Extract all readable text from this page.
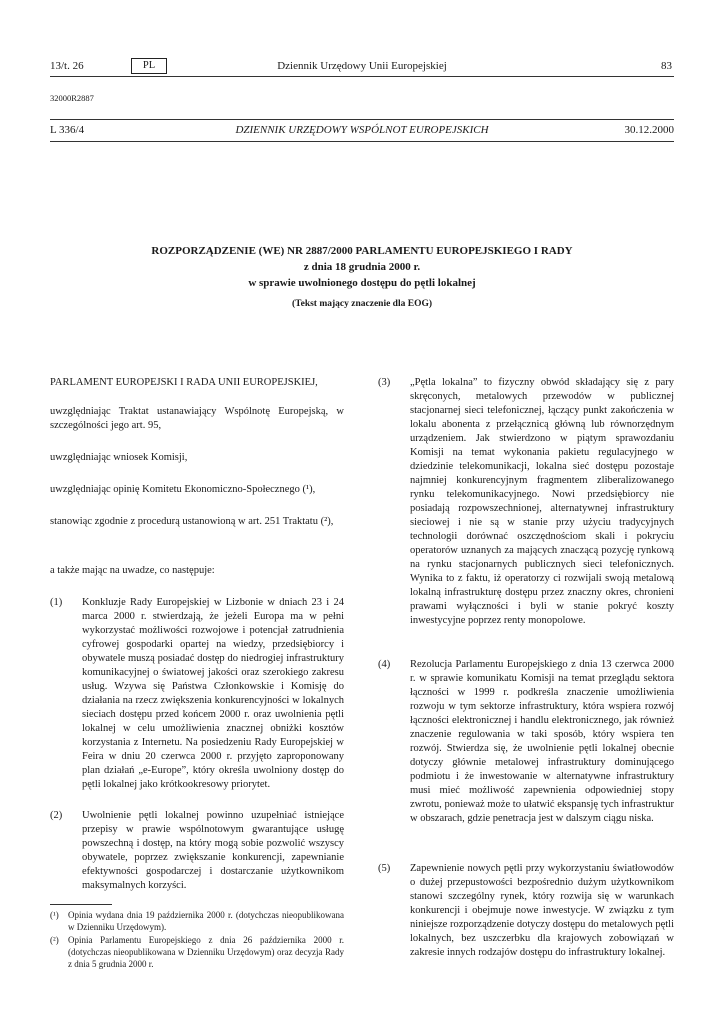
13/t. 26	PL	Dziennik Urzędowy Unii Europejskiej	83
32000R2887
L 336/4	DZIENNIK URZĘDOWY WSPÓLNOT EUROPEJSKICH	30.12.2000
ROZPORZĄDZENIE (WE) NR 2887/2000 PARLAMENTU EUROPEJSKIEGO I RADY
z dnia 18 grudnia 2000 r.
w sprawie uwolnionego dostępu do pętli lokalnej
(Tekst mający znaczenie dla EOG)

PARLAMENT EUROPEJSKI I RADA UNII EUROPEJSKIEJ,

uwzględniając Traktat ustanawiający Wspólnotę Europejską, w szczególności jego art. 95,

uwzględniając wniosek Komisji,

uwzględniając opinię Komitetu Ekonomiczno-Społecznego (¹),

stanowiąc zgodnie z procedurą ustanowioną w art. 251 Traktatu (²),

a także mając na uwadze, co następuje:

(1) Konkluzje Rady Europejskiej w Lizbonie w dniach 23 i 24 marca 2000 r. stwierdzają, że jeżeli Europa ma w pełni wykorzystać możliwości rozwojowe i potencjał zatrudnienia cyfrowej gospodarki opartej na wiedzy, przedsiębiorcy i obywatele muszą posiadać dostęp do niedrogiej infrastruktury komunikacyjnej o światowej jakości oraz szerokiego zakresu usług. Wzywa się Państwa Członkowskie i Komisję do działania na rzecz zwiększenia konkurencyjności w lokalnych sieciach dostępu przed końcem 2000 r. oraz uwolnienia pętli lokalnej w celu umożliwienia znacznej obniżki kosztów korzystania z Internetu. Na posiedzeniu Rady Europejskiej w Feira w dniu 20 czerwca 2000 r. przyjęto zaproponowany plan działań „e-Europe”, który określa uwolniony dostęp do pętli lokalnej jako krótkookresowy priorytet.

(2) Uwolnienie pętli lokalnej powinno uzupełniać istniejące przepisy w prawie wspólnotowym gwarantujące usługę powszechną i dostęp, na który mogą sobie pozwolić wszyscy obywatele, poprzez zwiększanie konkurencji, zapewnianie efektywności gospodarczej i dostarczanie użytkownikom maksymalnych korzyści.

(¹) Opinia wydana dnia 19 października 2000 r. (dotychczas nieopublikowana w Dzienniku Urzędowym).
(²) Opinia Parlamentu Europejskiego z dnia 26 października 2000 r. (dotychczas nieopublikowana w Dzienniku Urzędowym) oraz decyzja Rady z dnia 5 grudnia 2000 r.
(3) „Pętla lokalna” to fizyczny obwód składający się z pary skręconych, metalowych przewodów w publicznej stacjonarnej sieci telefonicznej, łączący punkt zakończenia w lokalu abonenta z przełącznicą główną lub równorzędnym urządzeniem. Jak stwierdzono w piątym sprawozdaniu Komisji na temat wykonania pakietu regulacyjnego w dziedzinie telekomunikacji, lokalna sieć dostępu pozostaje najmniej konkurencyjnym fragmentem zliberalizowanego rynku telekomunikacyjnego. Nowi przedsiębiorcy nie posiadają rozpowszechnionej, alternatywnej infrastruktury sieciowej i nie są w stanie przy użyciu tradycyjnych technologii dorównać oszczędnościom skali i pokryciu operatorów uznanych za mających znaczącą pozycję rynkową na rynku stacjonarnych publicznych sieci telefonicznych. Wynika to z faktu, iż operatorzy ci rozwijali swoją metalową lokalną infrastrukturę dostępu przez znaczny okres, chronieni prawami wyłączności i byli w stanie pokryć koszty inwestycyjne poprzez renty monopolowe.

(4) Rezolucja Parlamentu Europejskiego z dnia 13 czerwca 2000 r. w sprawie komunikatu Komisji na temat przeglądu sektora łączności w 1999 r. podkreśla znaczenie umożliwienia rozwoju w tym sektorze infrastruktury, która wspiera rozwój łączności elektronicznej i handlu elektronicznego, jak również znaczenie regulowania w taki sposób, który wspiera ten rozwój. Stwierdza się, że uwolnienie pętli lokalnej obecnie dotyczy głównie metalowej infrastruktury dominującego podmiotu i że inwestowanie w alternatywne infrastruktury musi mieć możliwość zapewnienia odpowiedniej stopy zwrotu, ponieważ może to ułatwić ekspansję tych infrastruktur w obszarach, gdzie penetracja jest w dalszym ciągu niska.

(5) Zapewnienie nowych pętli przy wykorzystaniu światłowodów o dużej przepustowości bezpośrednio dużym użytkownikom stanowi szczególny rynek, który rozwija się w warunkach konkurencji i obejmuje nowe inwestycje. W związku z tym niniejsze rozporządzenie dotyczy dostępu do metalowych pętli lokalnych, bez uszczerbku dla krajowych zobowiązań w zakresie innych rodzajów dostępu do infrastruktury lokalnej.
